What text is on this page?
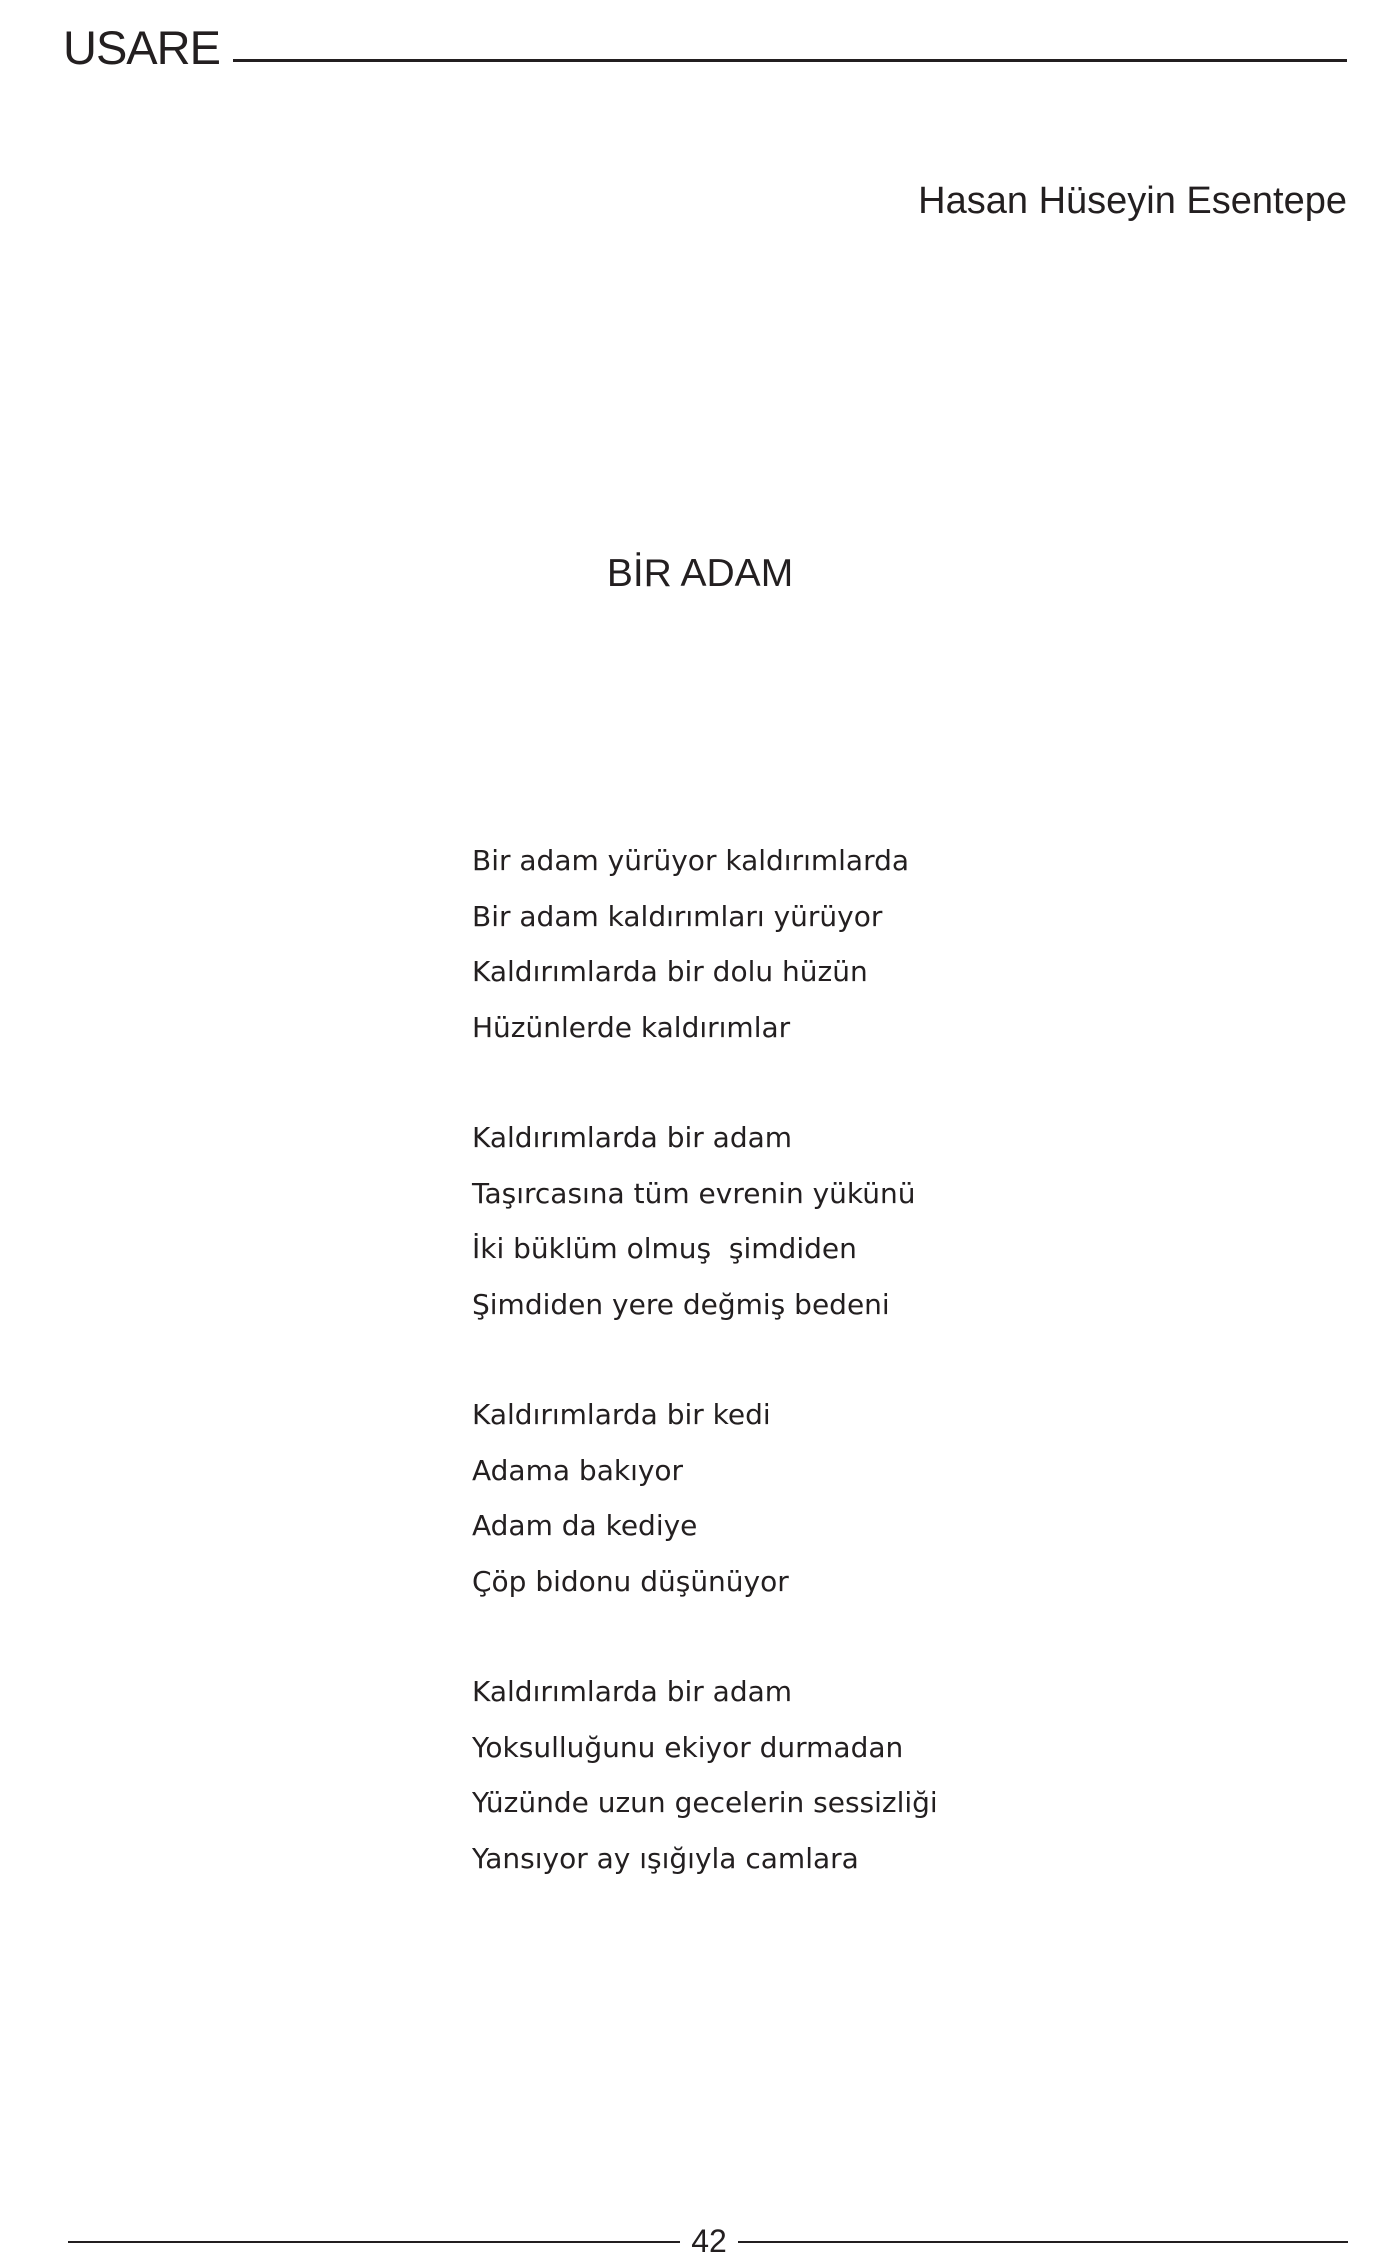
USARE
Hasan Hüseyin Esentepe
BİR ADAM
Bir adam yürüyor kaldırımlarda
Bir adam kaldırımları yürüyor
Kaldırımlarda bir dolu hüzün
Hüzünlerde kaldırımlar
Kaldırımlarda bir adam
Taşırcasına tüm evrenin yükünü
İki büklüm olmuş  şimdiden
Şimdiden yere değmiş bedeni
Kaldırımlarda bir kedi
Adama bakıyor
Adam da kediye
Çöp bidonu düşünüyor
Kaldırımlarda bir adam
Yoksulluğunu ekiyor durmadan
Yüzünde uzun gecelerin sessizliği
Yansıyor ay ışığıyla camlara
42
